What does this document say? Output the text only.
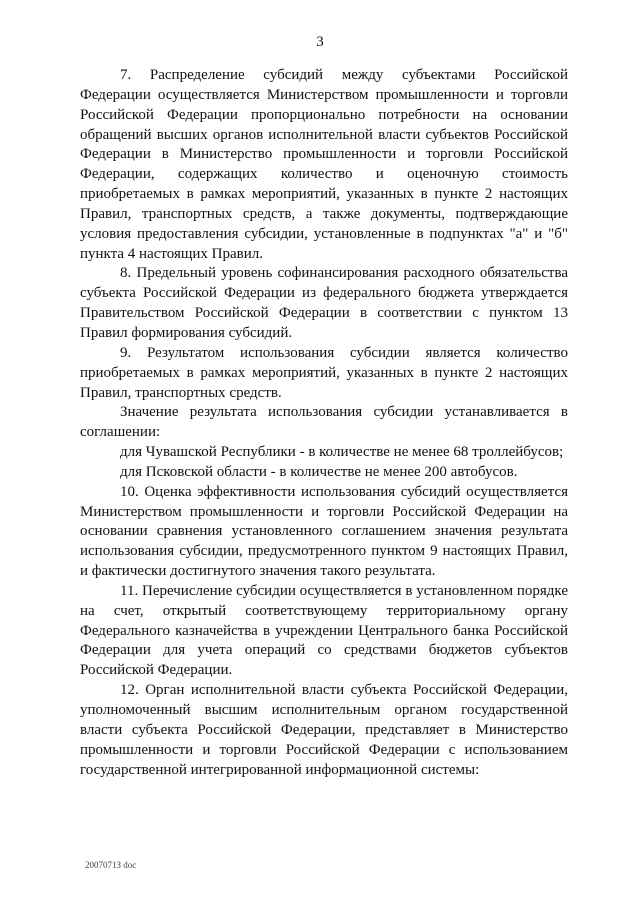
3

7. Распределение субсидий между субъектами Российской Федерации осуществляется Министерством промышленности и торговли Российской Федерации пропорционально потребности на основании обращений высших органов исполнительной власти субъектов Российской Федерации в Министерство промышленности и торговли Российской Федерации, содержащих количество и оценочную стоимость приобретаемых в рамках мероприятий, указанных в пункте 2 настоящих Правил, транспортных средств, а также документы, подтверждающие условия предоставления субсидии, установленные в подпунктах "а" и "б" пункта 4 настоящих Правил.

8. Предельный уровень софинансирования расходного обязательства субъекта Российской Федерации из федерального бюджета утверждается Правительством Российской Федерации в соответствии с пунктом 13 Правил формирования субсидий.

9. Результатом использования субсидии является количество приобретаемых в рамках мероприятий, указанных в пункте 2 настоящих Правил, транспортных средств.

Значение результата использования субсидии устанавливается в соглашении:

для Чувашской Республики - в количестве не менее 68 троллейбусов;

для Псковской области - в количестве не менее 200 автобусов.

10. Оценка эффективности использования субсидий осуществляется Министерством промышленности и торговли Российской Федерации на основании сравнения установленного соглашением значения результата использования субсидии, предусмотренного пунктом 9 настоящих Правил, и фактически достигнутого значения такого результата.

11. Перечисление субсидии осуществляется в установленном порядке на счет, открытый соответствующему территориальному органу Федерального казначейства в учреждении Центрального банка Российской Федерации для учета операций со средствами бюджетов субъектов Российской Федерации.

12. Орган исполнительной власти субъекта Российской Федерации, уполномоченный высшим исполнительным органом государственной власти субъекта Российской Федерации, представляет в Министерство промышленности и торговли Российской Федерации с использованием государственной интегрированной информационной системы:

2007071З doc
